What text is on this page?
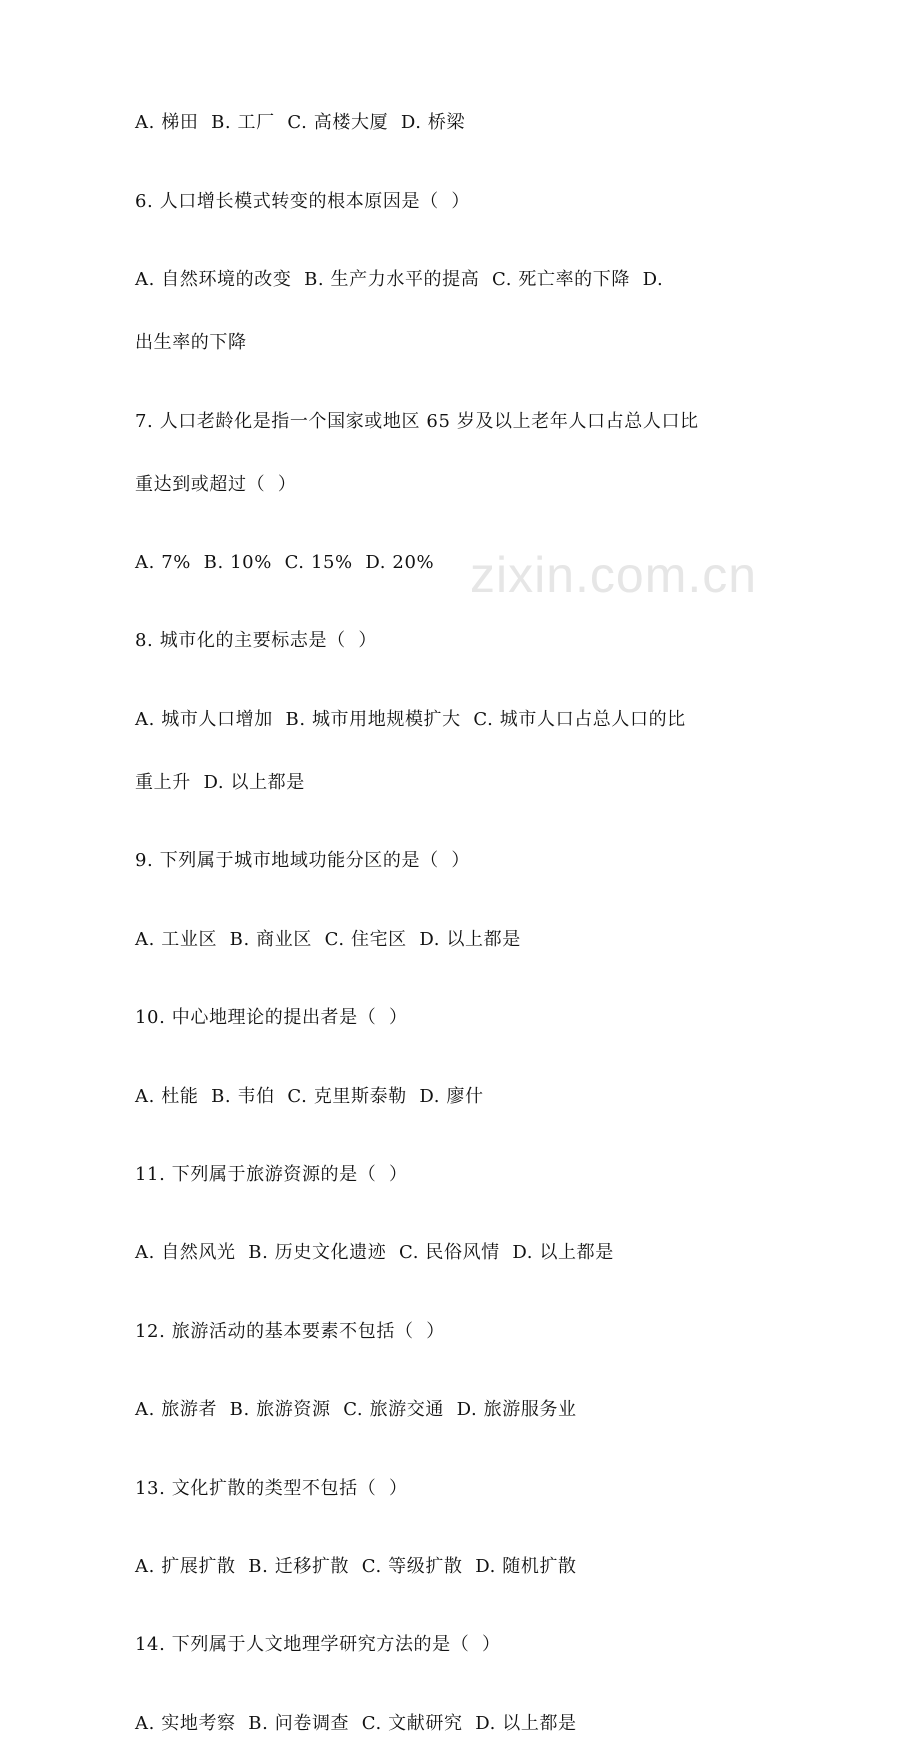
zixin.com.cn
A. 梯田  B. 工厂  C. 高楼大厦  D. 桥梁
6. 人口增长模式转变的根本原因是（  ）
A. 自然环境的改变  B. 生产力水平的提高  C. 死亡率的下降  D.
出生率的下降
7. 人口老龄化是指一个国家或地区 65 岁及以上老年人口占总人口比
重达到或超过（  ）
A. 7%  B. 10%  C. 15%  D. 20%
8. 城市化的主要标志是（  ）
A. 城市人口增加  B. 城市用地规模扩大  C. 城市人口占总人口的比
重上升  D. 以上都是
9. 下列属于城市地域功能分区的是（  ）
A. 工业区  B. 商业区  C. 住宅区  D. 以上都是
10. 中心地理论的提出者是（  ）
A. 杜能  B. 韦伯  C. 克里斯泰勒  D. 廖什
11. 下列属于旅游资源的是（  ）
A. 自然风光  B. 历史文化遗迹  C. 民俗风情  D. 以上都是
12. 旅游活动的基本要素不包括（  ）
A. 旅游者  B. 旅游资源  C. 旅游交通  D. 旅游服务业
13. 文化扩散的类型不包括（  ）
A. 扩展扩散  B. 迁移扩散  C. 等级扩散  D. 随机扩散
14. 下列属于人文地理学研究方法的是（  ）
A. 实地考察  B. 问卷调查  C. 文献研究  D. 以上都是
